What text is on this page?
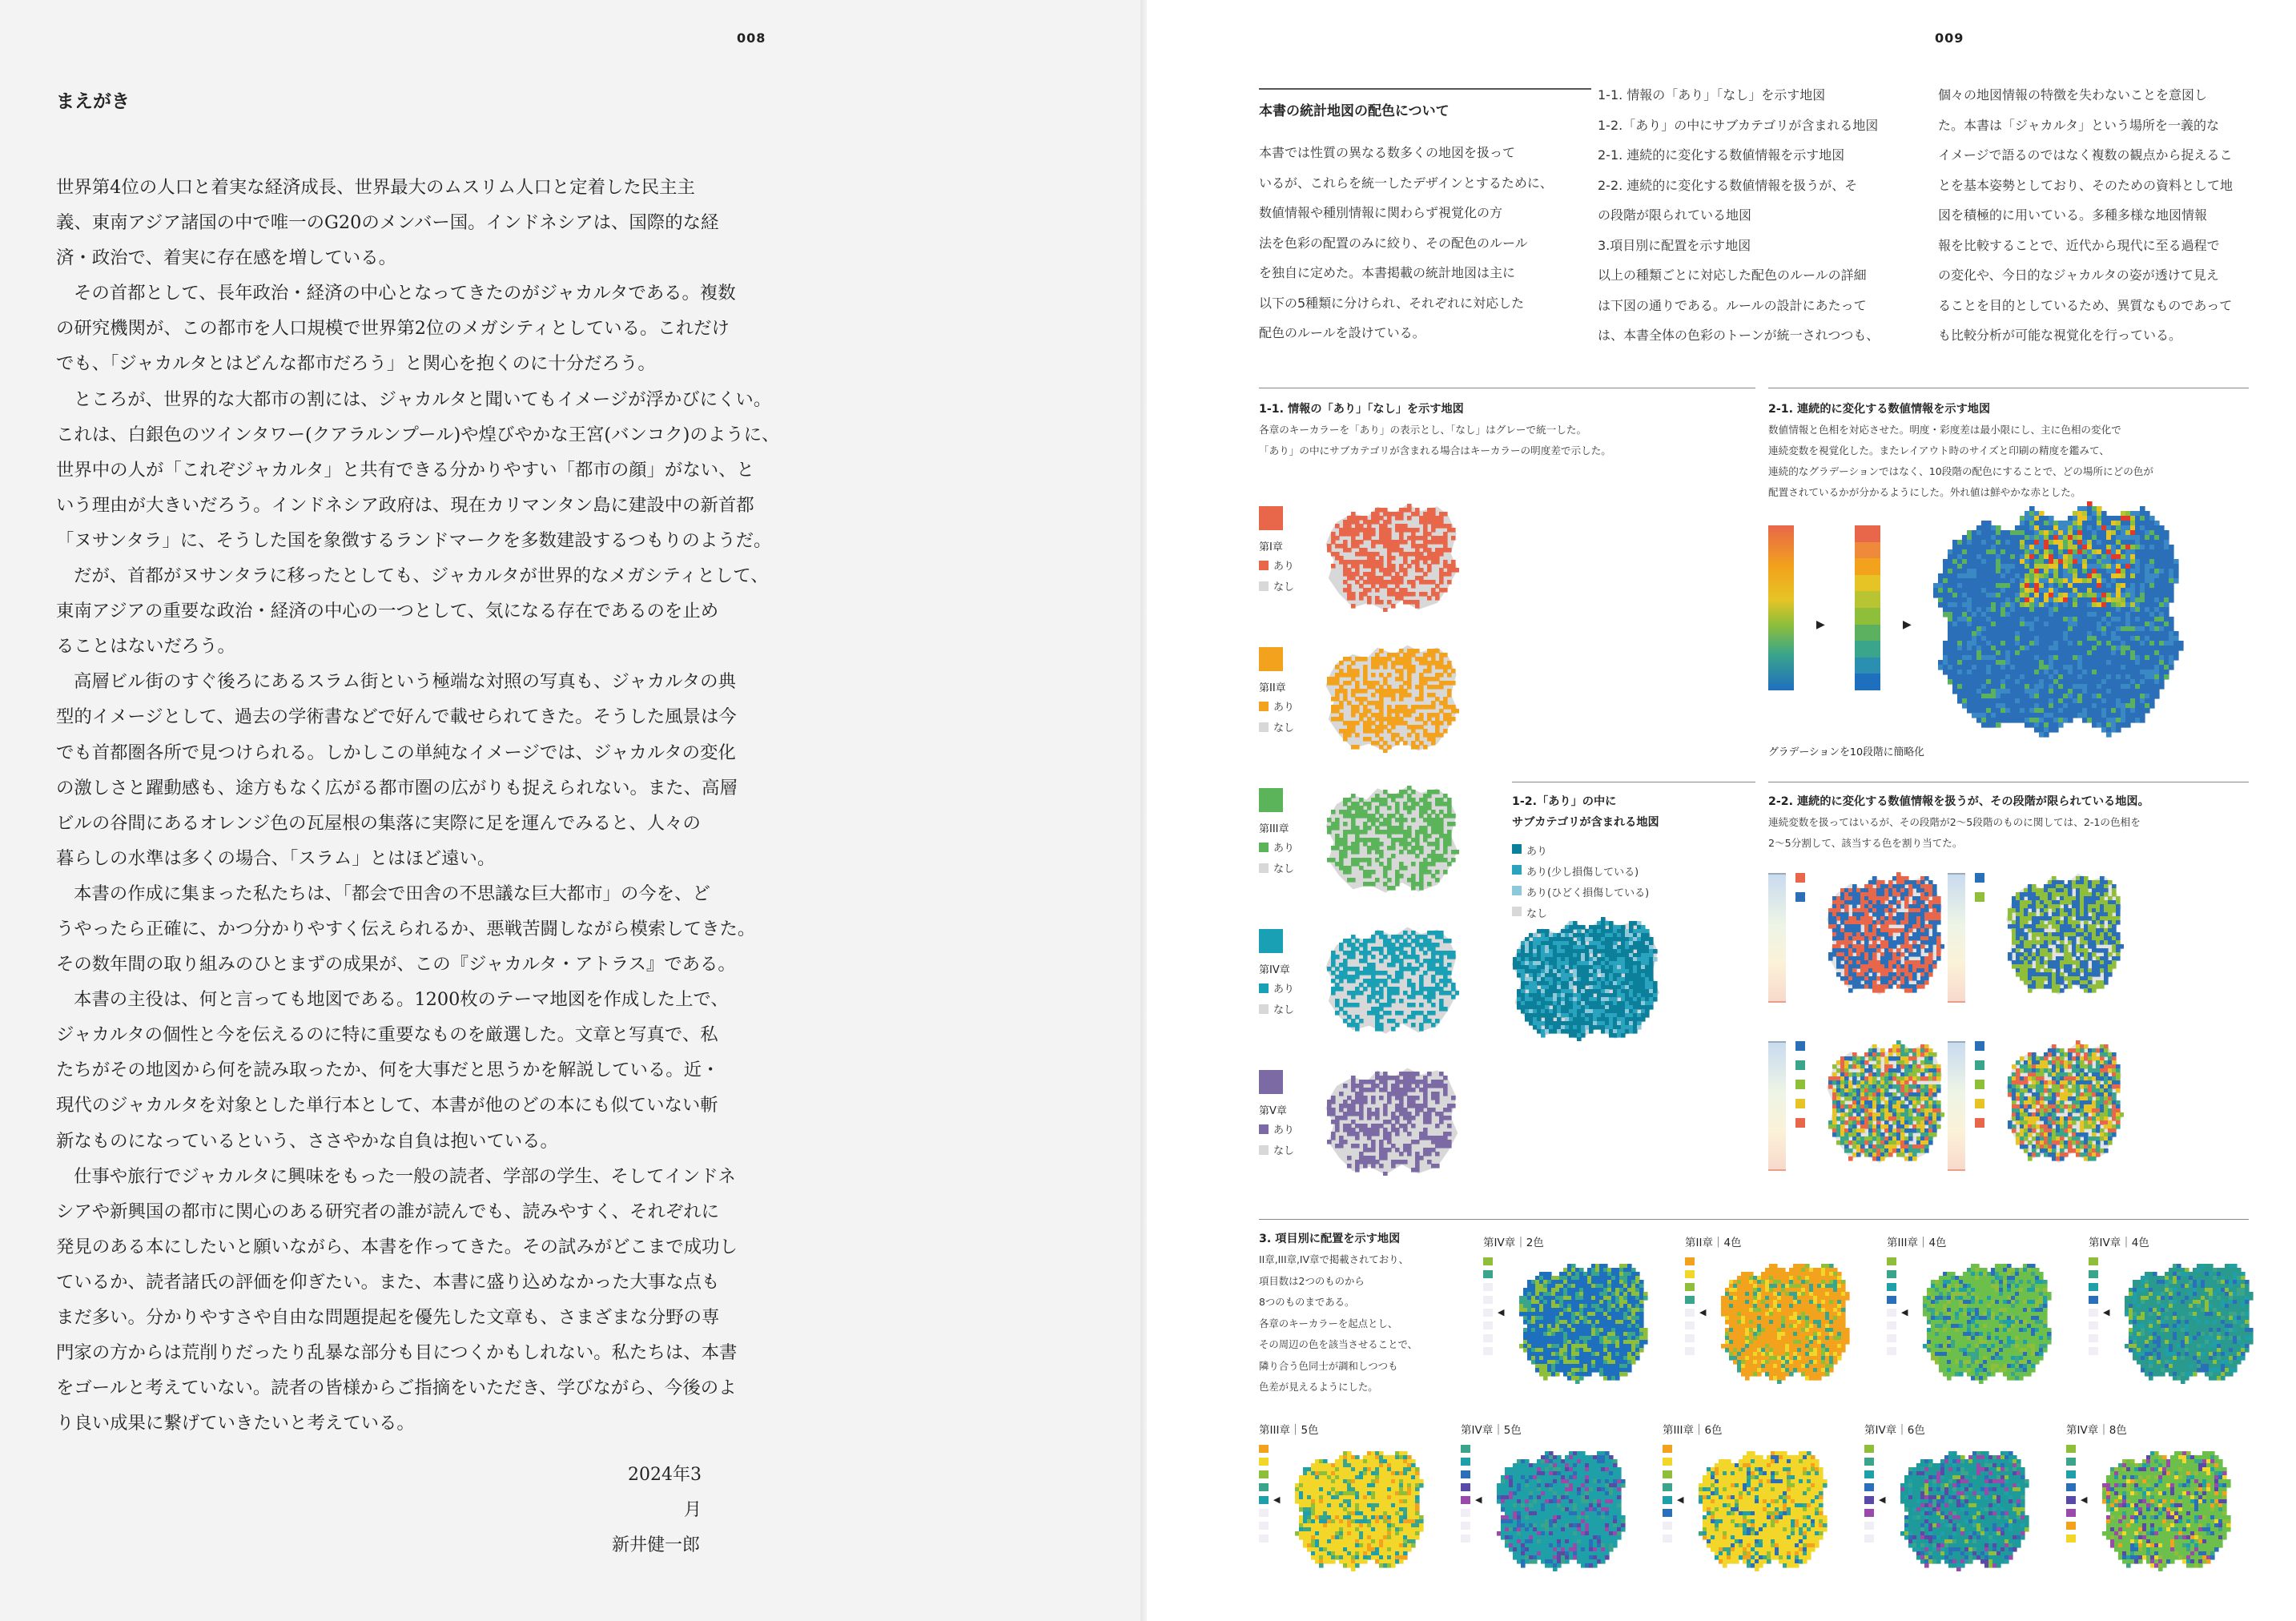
008
まえがき
世界第4位の人口と着実な経済成長、世界最大のムスリム人口と定着した民主主
義、東南アジア諸国の中で唯一のG20のメンバー国。インドネシアは、国際的な経
済・政治で、着実に存在感を増している。
その首都として、長年政治・経済の中心となってきたのがジャカルタである。複数
の研究機関が、この都市を人口規模で世界第2位のメガシティとしている。これだけ
でも、「ジャカルタとはどんな都市だろう」と関心を抱くのに十分だろう。
ところが、世界的な大都市の割には、ジャカルタと聞いてもイメージが浮かびにくい。
これは、白銀色のツインタワー(クアラルンプール)や煌びやかな王宮(バンコク)のように、
世界中の人が「これぞジャカルタ」と共有できる分かりやすい「都市の顔」がない、と
いう理由が大きいだろう。インドネシア政府は、現在カリマンタン島に建設中の新首都
「ヌサンタラ」に、そうした国を象徴するランドマークを多数建設するつもりのようだ。
だが、首都がヌサンタラに移ったとしても、ジャカルタが世界的なメガシティとして、
東南アジアの重要な政治・経済の中心の一つとして、気になる存在であるのを止め
ることはないだろう。
高層ビル街のすぐ後ろにあるスラム街という極端な対照の写真も、ジャカルタの典
型的イメージとして、過去の学術書などで好んで載せられてきた。そうした風景は今
でも首都圏各所で見つけられる。しかしこの単純なイメージでは、ジャカルタの変化
の激しさと躍動感も、途方もなく広がる都市圏の広がりも捉えられない。また、高層
ビルの谷間にあるオレンジ色の瓦屋根の集落に実際に足を運んでみると、人々の
暮らしの水準は多くの場合、「スラム」とはほど遠い。
本書の作成に集まった私たちは、「都会で田舎の不思議な巨大都市」の今を、ど
うやったら正確に、かつ分かりやすく伝えられるか、悪戦苦闘しながら模索してきた。
その数年間の取り組みのひとまずの成果が、この『ジャカルタ・アトラス』である。
本書の主役は、何と言っても地図である。1200枚のテーマ地図を作成した上で、
ジャカルタの個性と今を伝えるのに特に重要なものを厳選した。文章と写真で、私
たちがその地図から何を読み取ったか、何を大事だと思うかを解説している。近・
現代のジャカルタを対象とした単行本として、本書が他のどの本にも似ていない斬
新なものになっているという、ささやかな自負は抱いている。
仕事や旅行でジャカルタに興味をもった一般の読者、学部の学生、そしてインドネ
シアや新興国の都市に関心のある研究者の誰が読んでも、読みやすく、それぞれに
発見のある本にしたいと願いながら、本書を作ってきた。その試みがどこまで成功し
ているか、読者諸氏の評価を仰ぎたい。また、本書に盛り込めなかった大事な点も
まだ多い。分かりやすさや自由な問題提起を優先した文章も、さまざまな分野の専
門家の方からは荒削りだったり乱暴な部分も目につくかもしれない。私たちは、本書
をゴールと考えていない。読者の皆様からご指摘をいただき、学びながら、今後のよ
り良い成果に繋げていきたいと考えている。
2024年3月
新井健一郎
009
本書の統計地図の配色について
本書では性質の異なる数多くの地図を扱って
いるが、これらを統一したデザインとするために、
数値情報や種別情報に関わらず視覚化の方
法を色彩の配置のみに絞り、その配色のルール
を独自に定めた。本書掲載の統計地図は主に
以下の5種類に分けられ、それぞれに対応した
配色のルールを設けている。
1-1. 情報の「あり」「なし」を示す地図
1-2.「あり」の中にサブカテゴリが含まれる地図
2-1. 連続的に変化する数値情報を示す地図
2-2. 連続的に変化する数値情報を扱うが、そ
の段階が限られている地図
3.項目別に配置を示す地図
以上の種類ごとに対応した配色のルールの詳細
は下図の通りである。ルールの設計にあたって
は、本書全体の色彩のトーンが統一されつつも、
個々の地図情報の特徴を失わないことを意図し
た。本書は「ジャカルタ」という場所を一義的な
イメージで語るのではなく複数の観点から捉えるこ
とを基本姿勢としており、そのための資料として地
図を積極的に用いている。多種多様な地図情報
報を比較することで、近代から現代に至る過程で
の変化や、今日的なジャカルタの姿が透けて見え
ることを目的としているため、異質なものであって
も比較分析が可能な視覚化を行っている。
1-1. 情報の「あり」「なし」を示す地図
各章のキーカラーを「あり」の表示とし、「なし」はグレーで統一した。
「あり」の中にサブカテゴリが含まれる場合はキーカラーの明度差で示した。
1-2.「あり」の中に
サブカテゴリが含まれる地図
2-1. 連続的に変化する数値情報を示す地図
数値情報と色相を対応させた。明度・彩度差は最小限にし、主に色相の変化で
連続変数を視覚化した。またレイアウト時のサイズと印刷の精度を鑑みて、
連続的なグラデーションではなく、10段階の配色にすることで、どの場所にどの色が
配置されているかが分かるようにした。外れ値は鮮やかな赤とした。
▶	▶
グラデーションを10段階に簡略化
2-2. 連続的に変化する数値情報を扱うが、その段階が限られている地図。
連続変数を扱ってはいるが、その段階が2〜5段階のものに関しては、2-1の色相を
2〜5分割して、該当する色を割り当てた。
3. 項目別に配置を示す地図
II章,III章,IV章で掲載されており、
項目数は2つのものから
8つのものまである。
各章のキーカラーを起点とし、
その周辺の色を該当させることで、
隣り合う色同士が調和しつつも
色差が見えるようにした。
第I章
あり
なし
第II章
あり
なし
第III章
あり
なし
第IV章
あり
なし
第V章
あり
なし
あり
あり(少し損傷している)
あり(ひどく損傷している)
なし
第IV章｜2色
◀
第II章｜4色
◀
第III章｜4色
◀
第IV章｜4色
◀
第III章｜5色
◀
第IV章｜5色
◀
第III章｜6色
◀
第IV章｜6色
◀
第IV章｜8色
◀
